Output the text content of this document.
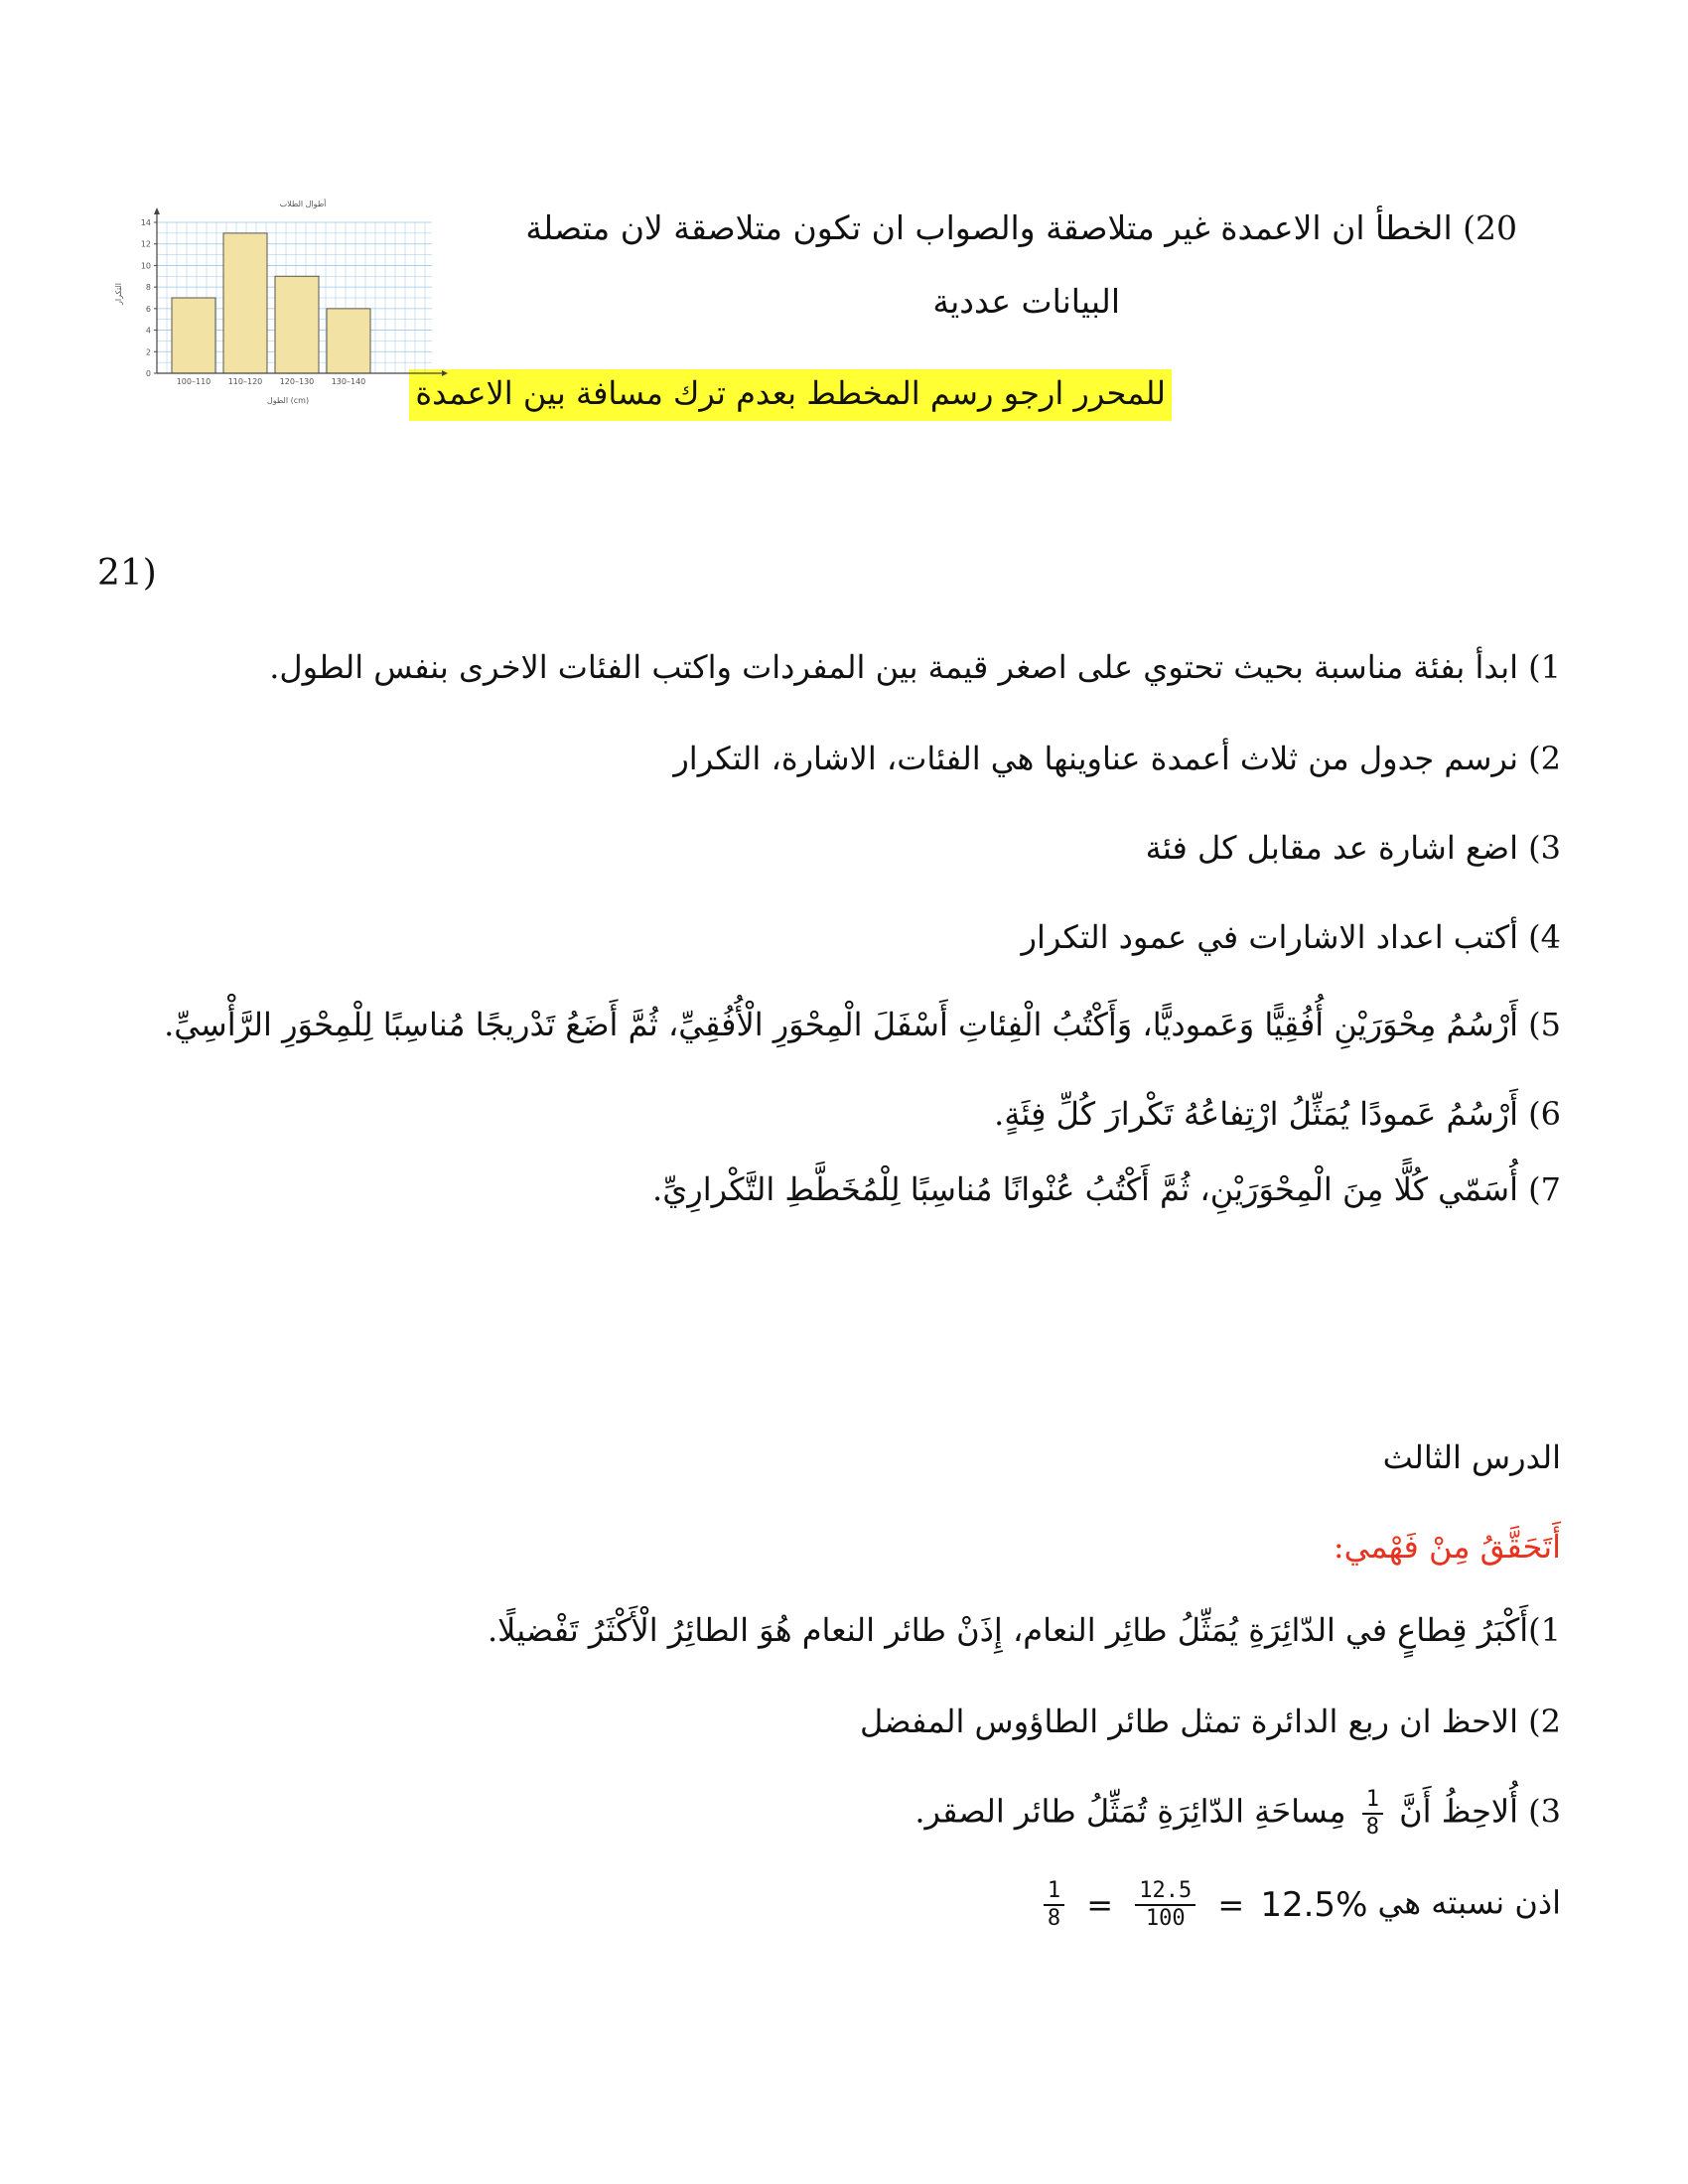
20) الخطأ ان الاعمدة غير متلاصقة والصواب ان تكون متلاصقة لان متصلة
البيانات عددية
للمحرر ارجو رسم المخطط بعدم ترك مسافة بين الاعمدة
أطوال الطلاب
0
2
4
6
8
10
12
14
100–110 110–120 120–130 130–140
التكرار
الطول (cm)
21)
1) ابدأ بفئة مناسبة بحيث تحتوي على اصغر قيمة بين المفردات واكتب الفئات الاخرى بنفس الطول.
2) نرسم جدول من ثلاث أعمدة عناوينها هي الفئات، الاشارة، التكرار
3) اضع اشارة عد مقابل كل فئة
4) أكتب اعداد الاشارات في عمود التكرار
5) أَرْسُمُ مِحْوَرَيْنِ أُفُقِيًّا وَعَموديًّا، وَأَكْتُبُ الْفِئاتِ أَسْفَلَ الْمِحْوَرِ الْأُفُقِيِّ، ثُمَّ أَضَعُ تَدْريجًا مُناسِبًا لِلْمِحْوَرِ الرَّأْسِيِّ.
6) أَرْسُمُ عَمودًا يُمَثِّلُ ارْتِفاعُهُ تَكْرارَ كُلِّ فِئَةٍ.
7) أُسَمّي كُلًّا مِنَ الْمِحْوَرَيْنِ، ثُمَّ أَكْتُبُ عُنْوانًا مُناسِبًا لِلْمُخَطَّطِ التَّكْرارِيِّ.
الدرس الثالث
أَتَحَقَّقُ مِنْ فَهْمي:
1)أَكْبَرُ قِطاعٍ في الدّائِرَةِ يُمَثِّلُ طائِر النعام، إِذَنْ طائر النعام هُوَ الطائِرُ الْأَكْثَرُ تَفْضيلًا.
2) الاحظ ان ربع الدائرة تمثل طائر الطاؤوس المفضل
3) أُلاحِظُ أَنَّ
$\frac{1}{8}$
مِساحَةِ الدّائِرَةِ تُمَثِّلُ طائر الصقر.
اذن نسبته هي 12.5% =
$\frac{12.5}{100}$
=
$\frac{1}{8}$
